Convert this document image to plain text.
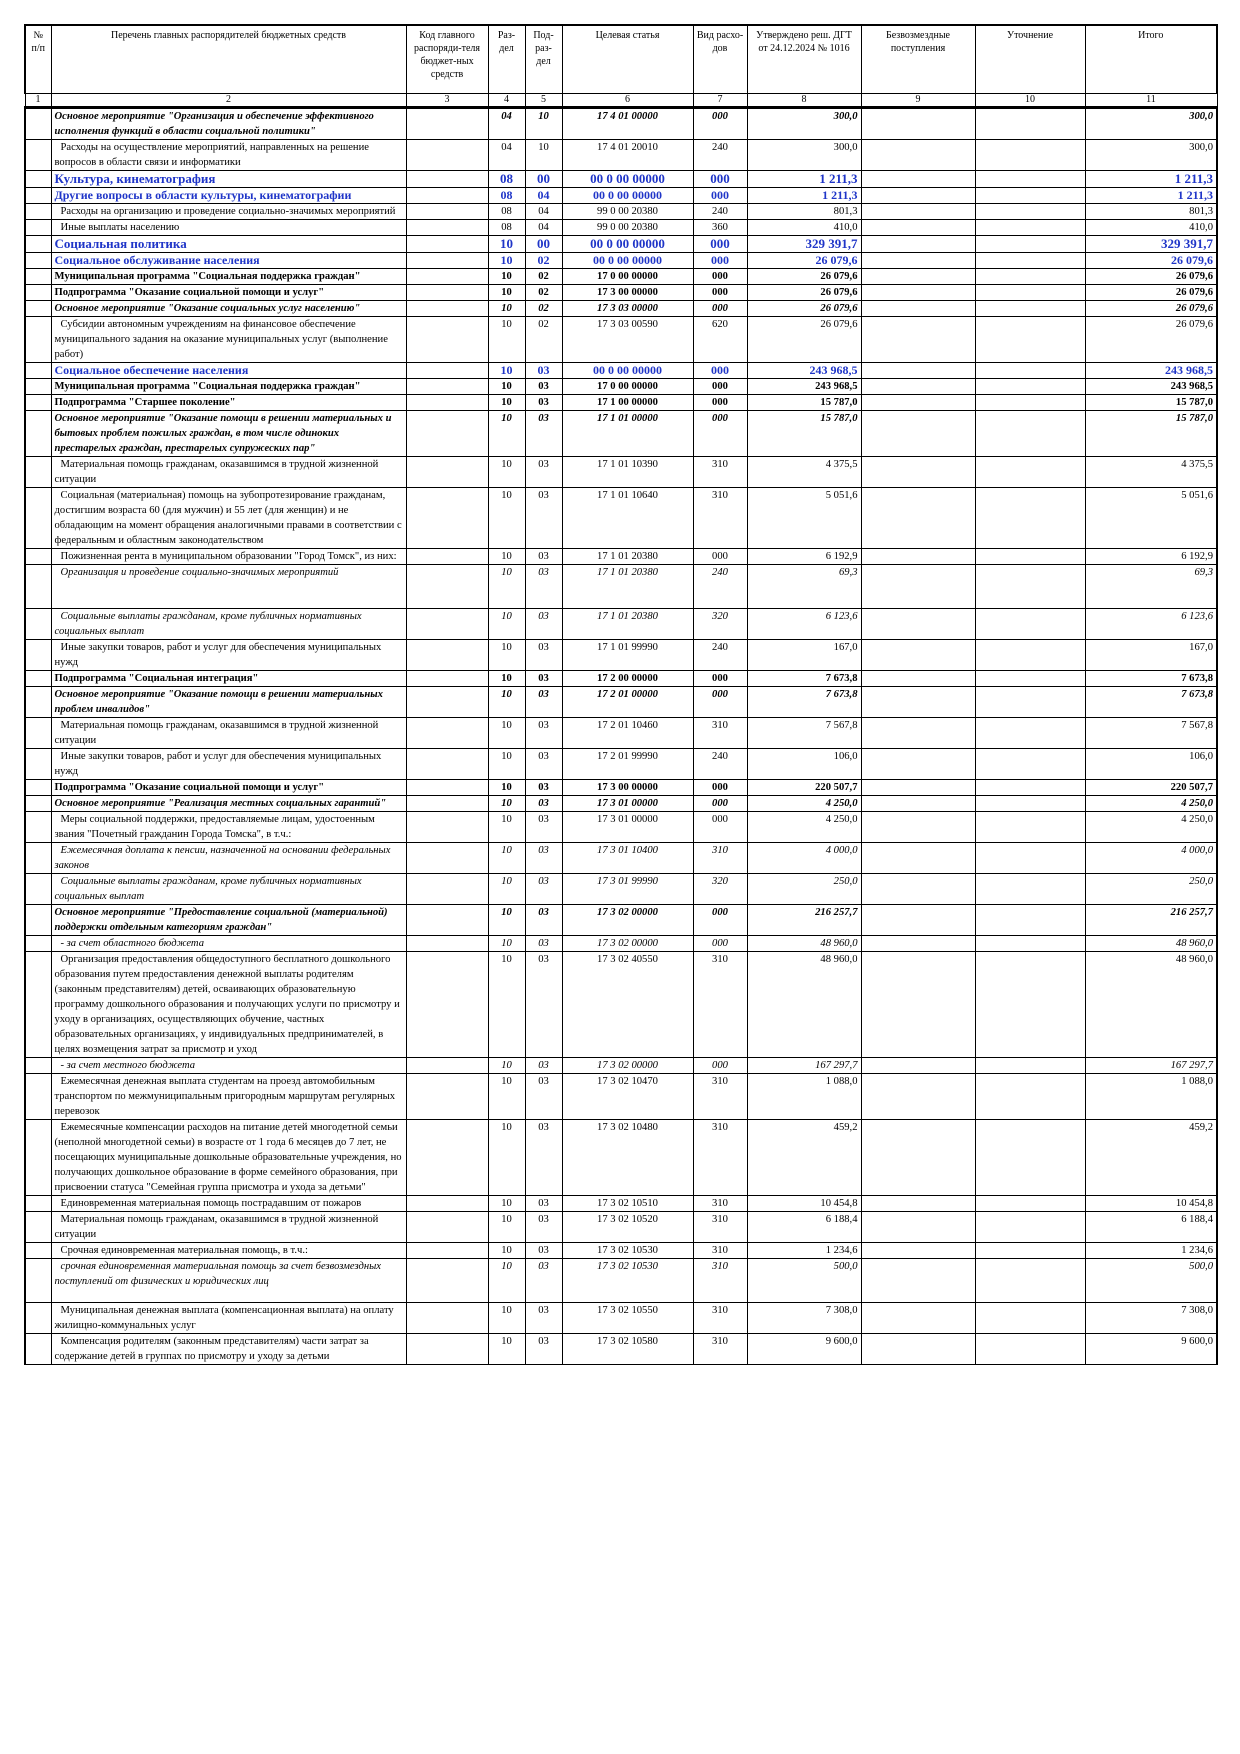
№ п/п	Перечень главных распорядителей бюджетных средств	Код главного распоряди-теля бюджет-ных средств	Раз-дел	Под-раз-дел	Целевая статья	Вид расхо-дов	Утверждено реш. ДГТ от 24.12.2024 № 1016	Безвозмездные поступления	Уточнение	Итого
1	2	3	4	5	6	7	8	9	10	11
	Основное мероприятие "Организация и обеспечение эффективного исполнения функций в области социальной политики"		04	10	17 4 01 00000	000	300,0			300,0
	Расходы на осуществление мероприятий, направленных на решение вопросов в области связи и информатики		04	10	17 4 01 20010	240	300,0			300,0
	Культура, кинематография		08	00	00 0 00 00000	000	1 211,3			1 211,3
	Другие вопросы в области культуры, кинематографии		08	04	00 0 00 00000	000	1 211,3			1 211,3
	Расходы на организацию и проведение социально-значимых мероприятий		08	04	99 0 00 20380	240	801,3			801,3
	Иные выплаты населению		08	04	99 0 00 20380	360	410,0			410,0
	Социальная политика		10	00	00 0 00 00000	000	329 391,7			329 391,7
	Социальное обслуживание населения		10	02	00 0 00 00000	000	26 079,6			26 079,6
	Муниципальная программа "Социальная поддержка граждан"		10	02	17 0 00 00000	000	26 079,6			26 079,6
	Подпрограмма "Оказание социальной помощи и услуг"		10	02	17 3 00 00000	000	26 079,6			26 079,6
	Основное мероприятие "Оказание социальных услуг населению"		10	02	17 3 03 00000	000	26 079,6			26 079,6
	Субсидии автономным учреждениям на финансовое обеспечение муниципального задания на оказание муниципальных услуг (выполнение работ)		10	02	17 3 03 00590	620	26 079,6			26 079,6
	Социальное обеспечение населения		10	03	00 0 00 00000	000	243 968,5			243 968,5
	Муниципальная программа "Социальная поддержка граждан"		10	03	17 0 00 00000	000	243 968,5			243 968,5
	Подпрограмма "Старшее поколение"		10	03	17 1 00 00000	000	15 787,0			15 787,0
	Основное мероприятие "Оказание помощи в решении материальных и бытовых проблем пожилых граждан, в том числе одиноких престарелых граждан, престарелых супружеских пар"		10	03	17 1 01 00000	000	15 787,0			15 787,0
	Материальная помощь гражданам, оказавшимся в трудной жизненной ситуации		10	03	17 1 01 10390	310	4 375,5			4 375,5
	Социальная (материальная) помощь на зубопротезирование гражданам, достигшим возраста 60 (для мужчин) и 55 лет (для женщин) и не обладающим на момент обращения аналогичными правами в соответствии с федеральным и областным законодательством		10	03	17 1 01 10640	310	5 051,6			5 051,6
	Пожизненная рента в муниципальном образовании "Город Томск", из них:		10	03	17 1 01 20380	000	6 192,9			6 192,9
	Организация и проведение социально-значимых мероприятий		10	03	17 1 01 20380	240	69,3			69,3
	Социальные выплаты гражданам, кроме публичных нормативных социальных выплат		10	03	17 1 01 20380	320	6 123,6			6 123,6
	Иные закупки товаров, работ и услуг для обеспечения муниципальных нужд		10	03	17 1 01 99990	240	167,0			167,0
	Подпрограмма "Социальная интеграция"		10	03	17 2 00 00000	000	7 673,8			7 673,8
	Основное мероприятие "Оказание помощи в решении материальных проблем инвалидов"		10	03	17 2 01 00000	000	7 673,8			7 673,8
	Материальная помощь гражданам, оказавшимся в трудной жизненной ситуации		10	03	17 2 01 10460	310	7 567,8			7 567,8
	Иные закупки товаров, работ и услуг для обеспечения муниципальных нужд		10	03	17 2 01 99990	240	106,0			106,0
	Подпрограмма "Оказание социальной помощи и услуг"		10	03	17 3 00 00000	000	220 507,7			220 507,7
	Основное мероприятие "Реализация местных социальных гарантий"		10	03	17 3 01 00000	000	4 250,0			4 250,0
	Меры социальной поддержки, предоставляемые лицам, удостоенным звания "Почетный гражданин Города Томска", в т.ч.:		10	03	17 3 01 00000	000	4 250,0			4 250,0
	Ежемесячная доплата к пенсии, назначенной на основании федеральных законов		10	03	17 3 01 10400	310	4 000,0			4 000,0
	Социальные выплаты гражданам, кроме публичных нормативных социальных выплат		10	03	17 3 01 99990	320	250,0			250,0
	Основное мероприятие "Предоставление социальной (материальной) поддержки отдельным категориям граждан"		10	03	17 3 02 00000	000	216 257,7			216 257,7
	- за счет областного бюджета		10	03	17 3 02 00000	000	48 960,0			48 960,0
	Организация предоставления общедоступного бесплатного дошкольного образования путем предоставления денежной выплаты родителям (законным представителям) детей, осваивающих образовательную программу дошкольного образования и получающих услуги по присмотру и уходу в организациях, осуществляющих обучение, частных образовательных организациях, у индивидуальных предпринимателей, в целях возмещения затрат за присмотр и уход		10	03	17 3 02 40550	310	48 960,0			48 960,0
	- за счет местного бюджета		10	03	17 3 02 00000	000	167 297,7			167 297,7
	Ежемесячная денежная выплата студентам на проезд автомобильным транспортом по межмуниципальным пригородным маршрутам регулярных перевозок		10	03	17 3 02 10470	310	1 088,0			1 088,0
	Ежемесячные компенсации расходов на питание детей многодетной семьи (неполной многодетной семьи) в возрасте от 1 года 6 месяцев до 7 лет, не посещающих муниципальные дошкольные образовательные учреждения, но получающих дошкольное образование в форме семейного образования, при присвоении статуса "Семейная группа присмотра и ухода за детьми"		10	03	17 3 02 10480	310	459,2			459,2
	Единовременная материальная помощь пострадавшим от пожаров		10	03	17 3 02 10510	310	10 454,8			10 454,8
	Материальная помощь гражданам, оказавшимся в трудной жизненной ситуации		10	03	17 3 02 10520	310	6 188,4			6 188,4
	Срочная единовременная материальная помощь, в т.ч.:		10	03	17 3 02 10530	310	1 234,6			1 234,6
	срочная единовременная материальная помощь за счет безвозмездных поступлений от физических и юридических лиц		10	03	17 3 02 10530	310	500,0			500,0
	Муниципальная денежная выплата (компенсационная выплата) на оплату жилищно-коммунальных услуг		10	03	17 3 02 10550	310	7 308,0			7 308,0
	Компенсация родителям (законным представителям) части затрат за содержание детей в группах по присмотру и уходу за детьми		10	03	17 3 02 10580	310	9 600,0			9 600,0
